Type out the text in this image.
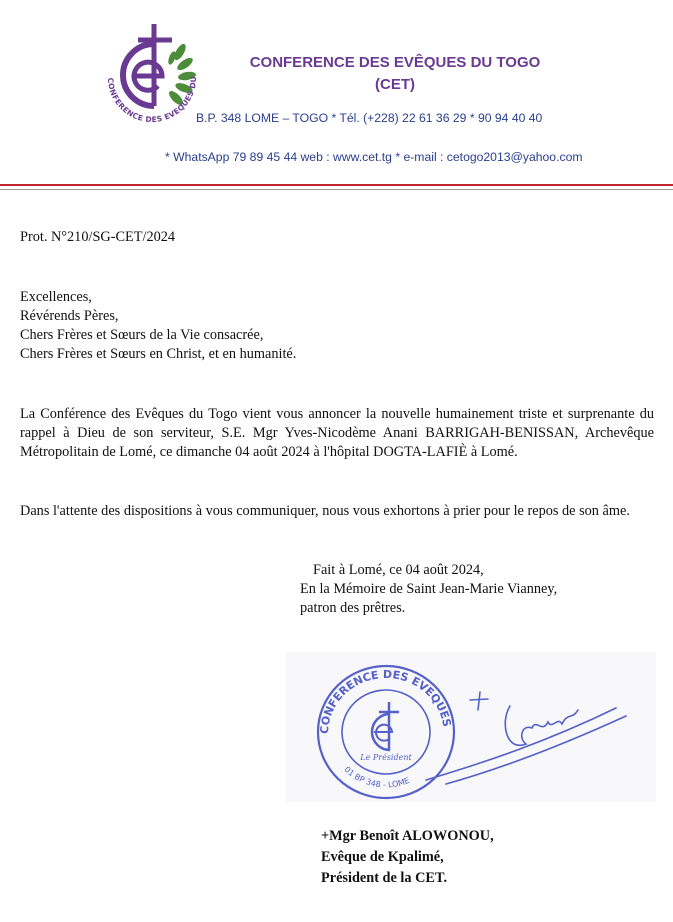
CONFERENCE DES EVEQUES DU
CONFERENCE DES EVÊQUES DU TOGO
(CET)
B.P. 348 LOME – TOGO * Tél. (+228) 22 61 36 29 * 90 94 40 40
* WhatsApp 79 89 45 44 web : www.cet.tg * e-mail : cetogo2013@yahoo.com
Prot. N°210/SG-CET/2024
Excellences,
Révérends Pères,
Chers Frères et Sœurs de la Vie consacrée,
Chers Frères et Sœurs en Christ, et en humanité.
La Conférence des Evêques du Togo vient vous annoncer la nouvelle humainement triste et surprenante du rappel à Dieu de son serviteur, S.E. Mgr Yves-Nicodème Anani BARRIGAH-BENISSAN, Archevêque Métropolitain de Lomé, ce dimanche 04 août 2024 à l'hôpital DOGTA-LAFIÈ à Lomé.
Dans l'attente des dispositions à vous communiquer, nous vous exhortons à prier pour le repos de son âme.
Fait à Lomé, ce 04 août 2024,
En la Mémoire de Saint Jean-Marie Vianney,
patron des prêtres.
CONFERENCE DES EVEQUES
01 BP 348 - LOME
Le Président
+Mgr Benoît ALOWONOU,
Evêque de Kpalimé,
Président de la CET.
